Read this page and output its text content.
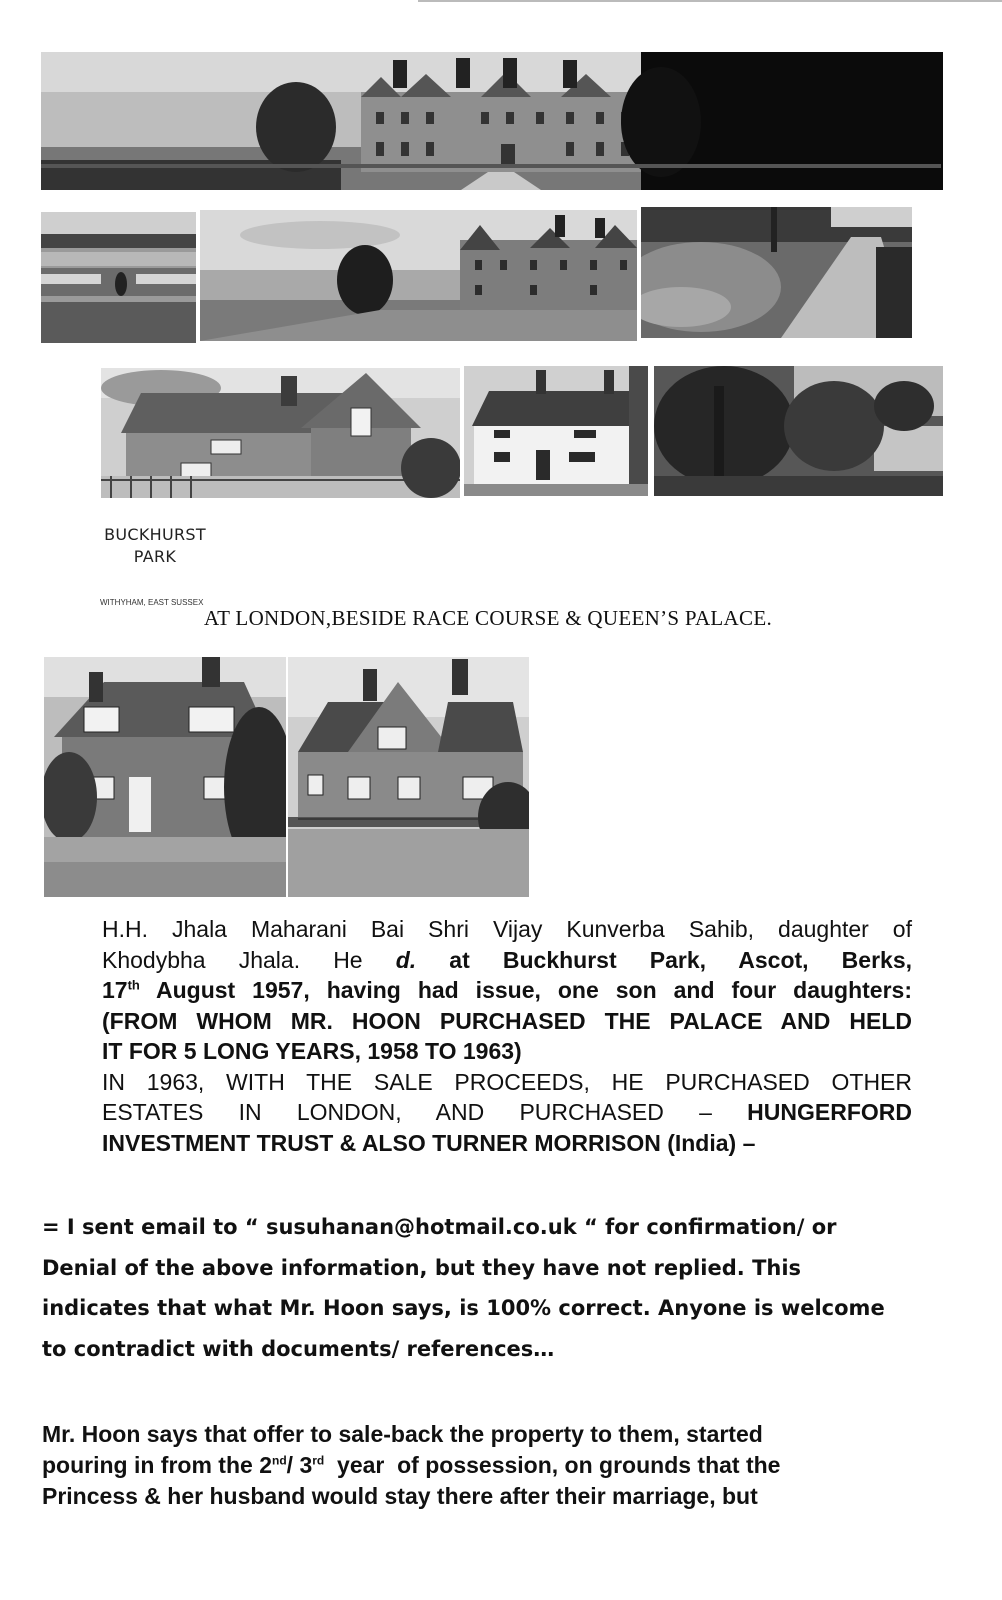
BUCKHURST
PARK
WITHYHAM, EAST SUSSEX
AT LONDON,BESIDE RACE COURSE & QUEEN’S PALACE.

H.H. Jhala Maharani Bai Shri Vijay Kunverba Sahib, daughter of

Khodybha Jhala. He d. at Buckhurst Park, Ascot, Berks,

17th August 1957, having had issue, one son and four daughters:

(FROM WHOM MR. HOON PURCHASED THE PALACE AND HELD

IT FOR 5 LONG YEARS, 1958 TO 1963)

IN 1963, WITH THE SALE PROCEEDS, HE PURCHASED OTHER

ESTATES IN LONDON, AND PURCHASED – HUNGERFORD

INVESTMENT TRUST & ALSO TURNER MORRISON (India) –

= I sent email to “ susuhanan@hotmail.co.uk “ for confirmation/ or

Denial of the above information, but they have not replied. This

indicates that what Mr. Hoon says, is 100% correct. Anyone is welcome

to contradict with documents/ references…

Mr. Hoon says that offer to sale-back the property to them, started

pouring in from the 2nd/ 3rd  year  of possession, on grounds that the

Princess & her husband would stay there after their marriage, but
